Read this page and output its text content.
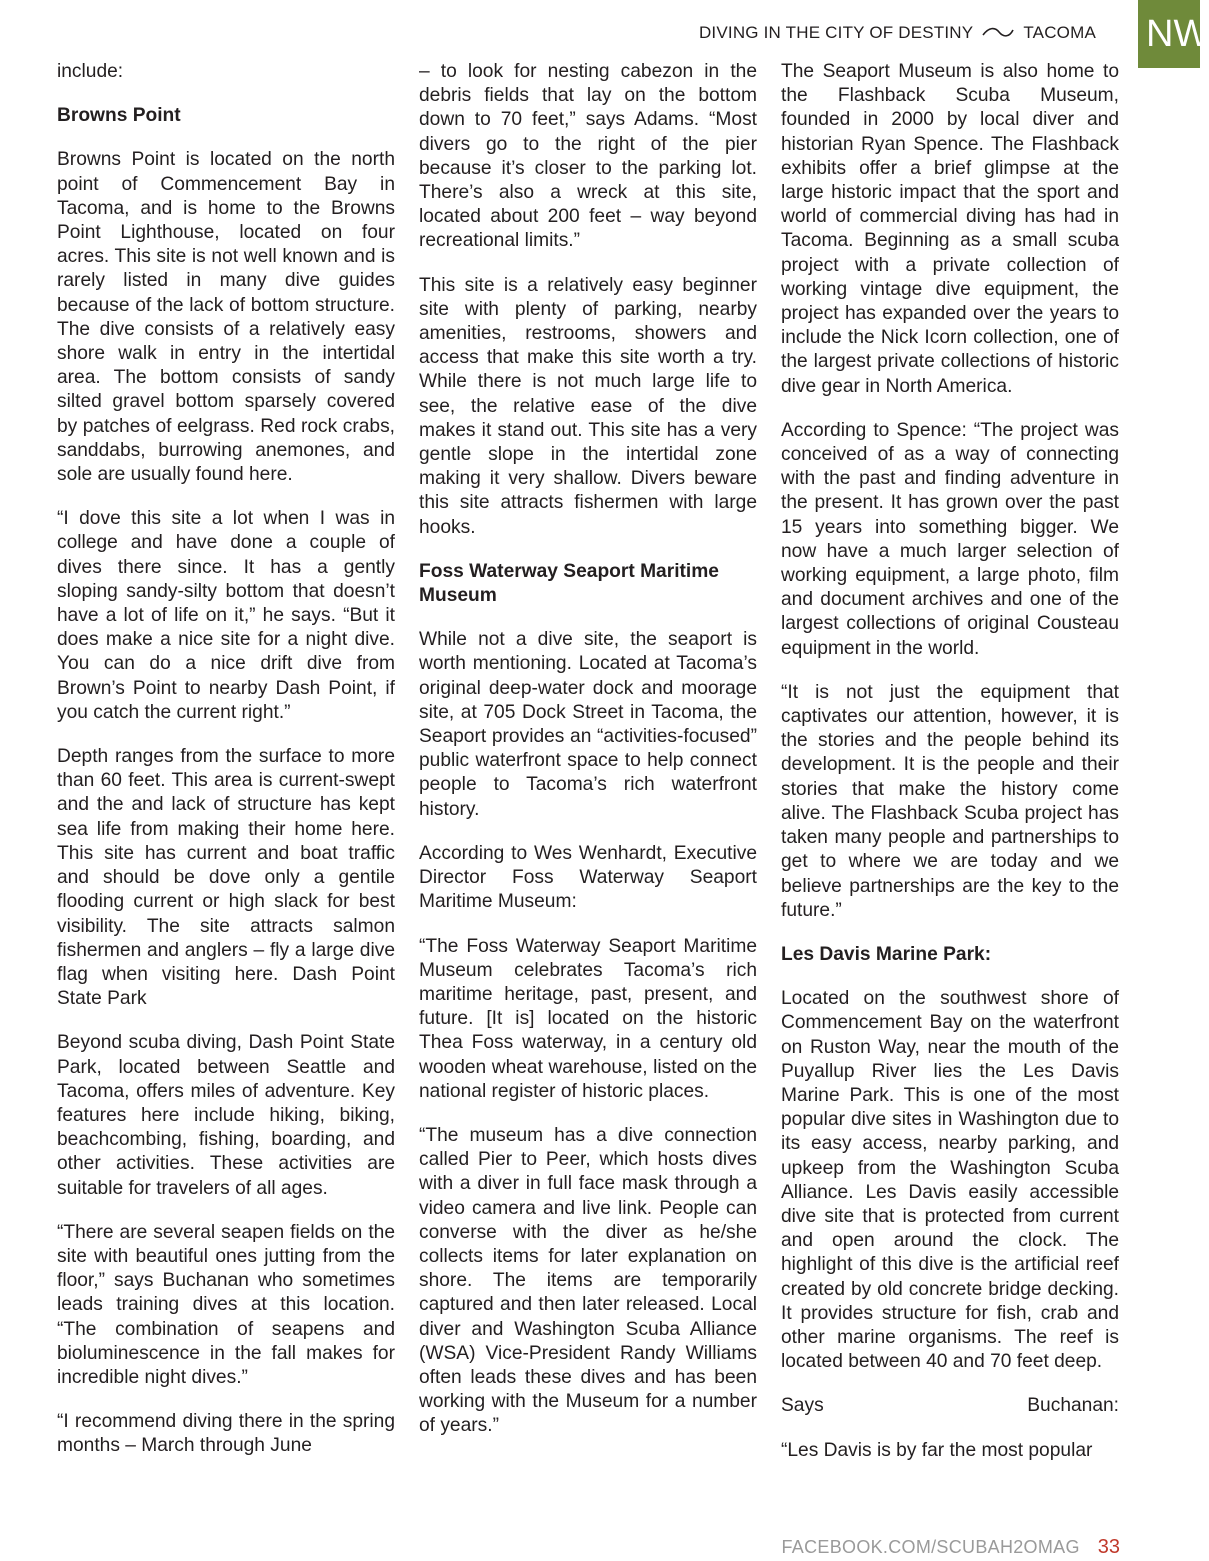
DIVING IN THE CITY OF DESTINY	TACOMA NW

include:

Browns Point

Browns Point is located on the north point of Commencement Bay in Tacoma, and is home to the Browns Point Lighthouse, located on four acres. This site is not well known and is rarely listed in many dive guides because of the lack of bottom structure. The dive consists of a relatively easy shore walk in entry in the intertidal area. The bottom consists of sandy silted gravel bottom sparsely covered by patches of eelgrass. Red rock crabs, sanddabs, burrowing anemones, and sole are usually found here.

“I dove this site a lot when I was in college and have done a couple of dives there since. It has a gently sloping sandy-silty bottom that doesn’t have a lot of life on it,” he says. “But it does make a nice site for a night dive. You can do a nice drift dive from Brown’s Point to nearby Dash Point, if you catch the current right.”

Depth ranges from the surface to more than 60 feet. This area is current-swept and the and lack of structure has kept sea life from making their home here. This site has current and boat traffic and should be dove only a gentile flooding current or high slack for best visibility. The site attracts salmon fishermen and anglers – fly a large dive flag when visiting here. Dash Point State Park

Beyond scuba diving, Dash Point State Park, located between Seattle and Tacoma, offers miles of adventure. Key features here include hiking, biking, beachcombing, fishing, boarding, and other activities. These activities are suitable for travelers of all ages.

“There are several seapen fields on the site with beautiful ones jutting from the floor,” says Buchanan who sometimes leads training dives at this location. “The combination of seapens and bioluminescence in the fall makes for incredible night dives.”

“I recommend diving there in the spring months – March through June

– to look for nesting cabezon in the debris fields that lay on the bottom down to 70 feet,” says Adams. “Most divers go to the right of the pier because it’s closer to the parking lot. There’s also a wreck at this site, located about 200 feet – way beyond recreational limits.”

This site is a relatively easy beginner site with plenty of parking, nearby amenities, restrooms, showers and access that make this site worth a try. While there is not much large life to see, the relative ease of the dive makes it stand out. This site has a very gentle slope in the intertidal zone making it very shallow. Divers beware this site attracts fishermen with large hooks.

Foss Waterway Seaport Maritime Museum

While not a dive site, the seaport is worth mentioning. Located at Tacoma’s original deep-water dock and moorage site, at 705 Dock Street in Tacoma, the Seaport provides an “activities-focused” public waterfront space to help connect people to Tacoma’s rich waterfront history.

According to Wes Wenhardt, Executive Director Foss Waterway Seaport Maritime Museum:

“The Foss Waterway Seaport Maritime Museum celebrates Tacoma’s rich maritime heritage, past, present, and future. [It is] located on the historic Thea Foss waterway, in a century old wooden wheat warehouse, listed on the national register of historic places.

“The museum has a dive connection called Pier to Peer, which hosts dives with a diver in full face mask through a video camera and live link. People can converse with the diver as he/she collects items for later explanation on shore. The items are temporarily captured and then later released. Local diver and Washington Scuba Alliance (WSA) Vice-President Randy Williams often leads these dives and has been working with the Museum for a number of years.”

The Seaport Museum is also home to the Flashback Scuba Museum, founded in 2000 by local diver and historian Ryan Spence. The Flashback exhibits offer a brief glimpse at the large historic impact that the sport and world of commercial diving has had in Tacoma. Beginning as a small scuba project with a private collection of working vintage dive equipment, the project has expanded over the years to include the Nick Icorn collection, one of the largest private collections of historic dive gear in North America.

According to Spence: “The project was conceived of as a way of connecting with the past and finding adventure in the present. It has grown over the past 15 years into something bigger. We now have a much larger selection of working equipment, a large photo, film and document archives and one of the largest collections of original Cousteau equipment in the world.

“It is not just the equipment that captivates our attention, however, it is the stories and the people behind its development. It is the people and their stories that make the history come alive. The Flashback Scuba project has taken many people and partnerships to get to where we are today and we believe partnerships are the key to the future.”

Les Davis Marine Park:

Located on the southwest shore of Commencement Bay on the waterfront on Ruston Way, near the mouth of the Puyallup River lies the Les Davis Marine Park. This is one of the most popular dive sites in Washington due to its easy access, nearby parking, and upkeep from the Washington Scuba Alliance. Les Davis easily accessible dive site that is protected from current and open around the clock. The highlight of this dive is the artificial reef created by old concrete bridge decking. It provides structure for fish, crab and other marine organisms. The reef is located between 40 and 70 feet deep.

Says	Buchanan:

“Les Davis is by far the most popular

FACEBOOK.COM/SCUBAH2OMAG 33
